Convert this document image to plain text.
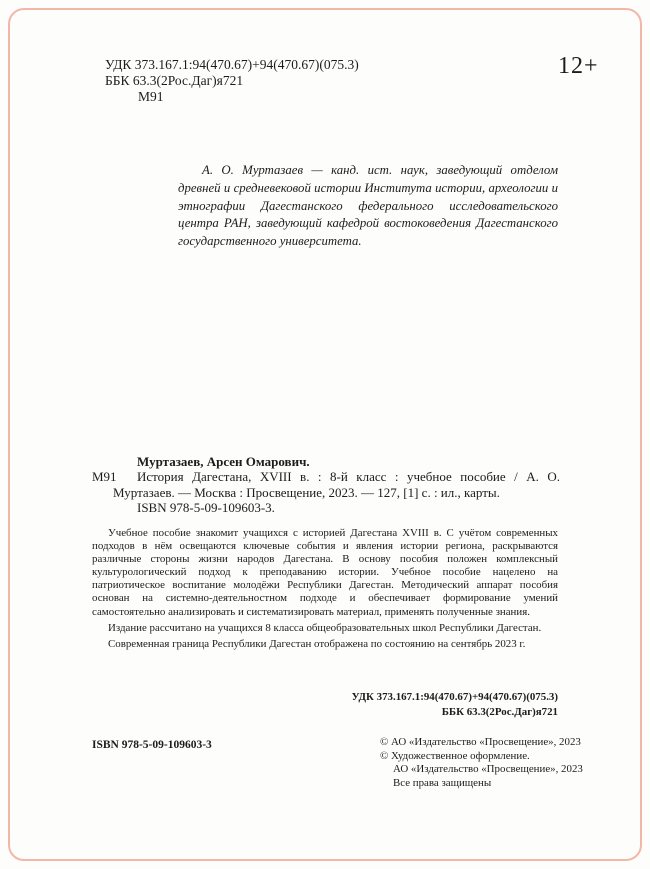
УДК 373.167.1:94(470.67)+94(470.67)(075.3)
ББК 63.3(2Рос.Даг)я721
М91
12+

А. О. Муртазаев — канд. ист. наук, заведующий отделом древней и средневековой истории Института истории, археологии и этнографии Дагестанского федерального исследовательского центра РАН, заведующий кафедрой востоковедения Дагестанского государственного университета.

Муртазаев, Арсен Омарович.

М91	История Дагестана, XVIII в. : 8-й класс : учебное пособие / А. О. Муртазаев. — Москва : Просвещение, 2023. — 127, [1] с. : ил., карты.

ISBN 978-5-09-109603-3.

Учебное пособие знакомит учащихся с историей Дагестана XVIII в. С учётом современных подходов в нём освещаются ключевые события и явления истории региона, раскрываются различные стороны жизни народов Дагестана. В основу пособия положен комплексный культурологический подход к преподаванию истории. Учебное пособие нацелено на патриотическое воспитание молодёжи Республики Дагестан. Методический аппарат пособия основан на системно-деятельностном подходе и обеспечивает формирование умений самостоятельно анализировать и систематизировать материал, применять полученные знания.

Издание рассчитано на учащихся 8 класса общеобразовательных школ Республики Дагестан.

Современная граница Республики Дагестан отображена по состоянию на сентябрь 2023 г.

УДК 373.167.1:94(470.67)+94(470.67)(075.3)
ББК 63.3(2Рос.Даг)я721
ISBN 978-5-09-109603-3	© АО «Издательство «Просвещение», 2023
© Художественное оформление.
АО «Издательство «Просвещение», 2023
Все права защищены
